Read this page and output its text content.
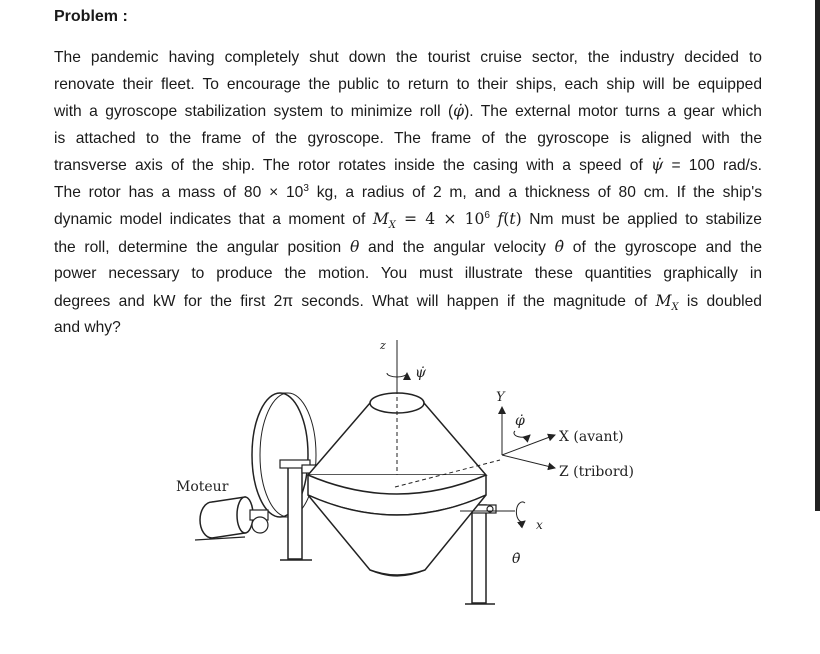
Problem :
The pandemic having completely shut down the tourist cruise sector, the industry decided to
renovate their fleet. To encourage the public to return to their ships, each ship will be equipped
with a gyroscope stabilization system to minimize roll (φ̇). The external motor turns a gear which
is attached to the frame of the gyroscope. The frame of the gyroscope is aligned with the
transverse axis of the ship. The rotor rotates inside the casing with a speed of ψ̇ = 100 rad/s.
The rotor has a mass of $80 \times 10^3$ kg, a radius of 2 m, and a thickness of 80 cm. If the ship's
dynamic model indicates that a moment of $M_X = 4 \times 10^6$ f(t) Nm must be applied to stabilize
the roll, determine the angular position θ and the angular velocity θ̇ of the gyroscope and the
power necessary to produce the motion. You must illustrate these quantities graphically in
degrees and kW for the first 2π seconds. What will happen if the magnitude of $M_X$ is doubled
and why?
z
ψ̇
Y
φ̇
X (avant)
Z (tribord)
Moteur
x
θ̇
